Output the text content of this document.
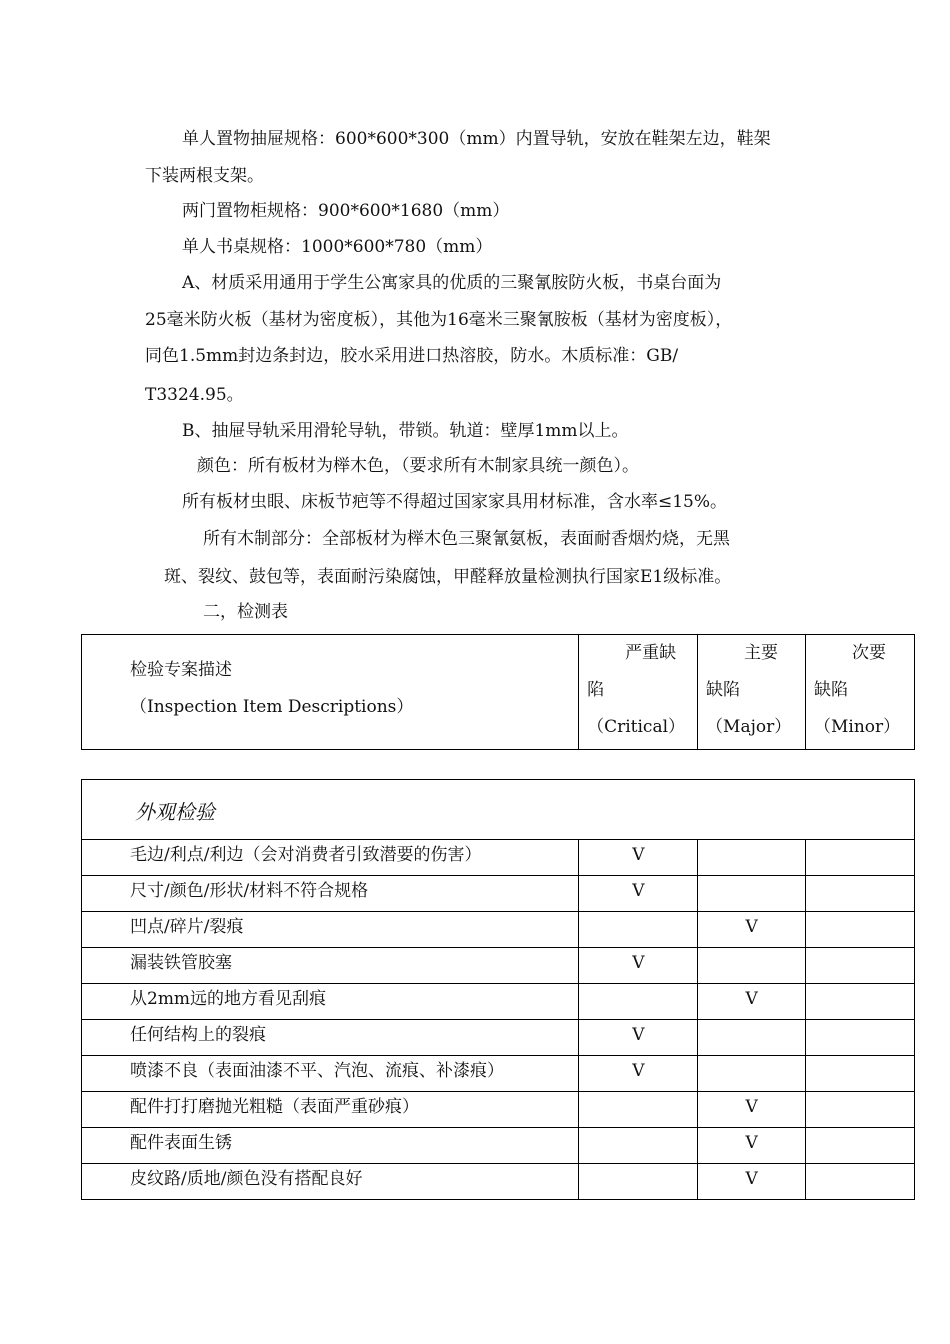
单人置物抽屉规格：600*600*300（mm）内置导轨，安放在鞋架左边，鞋架
下装两根支架。
两门置物柜规格：900*600*1680（mm）
单人书桌规格：1000*600*780（mm）
A、材质采用通用于学生公寓家具的优质的三聚氰胺防火板，书桌台面为
25毫米防火板（基材为密度板），其他为16毫米三聚氰胺板（基材为密度板），
同色1.5mm封边条封边，胶水采用进口热溶胶，防水。木质标准：GB/
T3324.95。
B、抽屉导轨采用滑轮导轨，带锁。轨道：壁厚1mm以上。
颜色：所有板材为榉木色，（要求所有木制家具统一颜色）。
所有板材虫眼、床板节疤等不得超过国家家具用材标准，含水率≤15%。
所有木制部分：全部板材为榉木色三聚氰氨板，表面耐香烟灼烧，无黑
斑、裂纹、鼓包等，表面耐污染腐蚀，甲醛释放量检测执行国家E1级标准。
二，检测表
检验专案描述
（Inspection Item Descriptions）

严重缺
陷
（Critical）

主要
缺陷
（Major）

次要
缺陷
（Minor）
外观检验			

毛边/利点/利边（会对消费者引致潜要的伤害）	V		
尺寸/颜色/形状/材料不符合规格	V		
凹点/碎片/裂痕		V	
漏装铁管胶塞	V		
从2mm远的地方看见刮痕		V	
任何结构上的裂痕	V		
喷漆不良（表面油漆不平、汽泡、流痕、补漆痕）	V		
配件打打磨抛光粗糙（表面严重砂痕）		V	
配件表面生锈		V	
皮纹路/质地/颜色没有搭配良好		V	
